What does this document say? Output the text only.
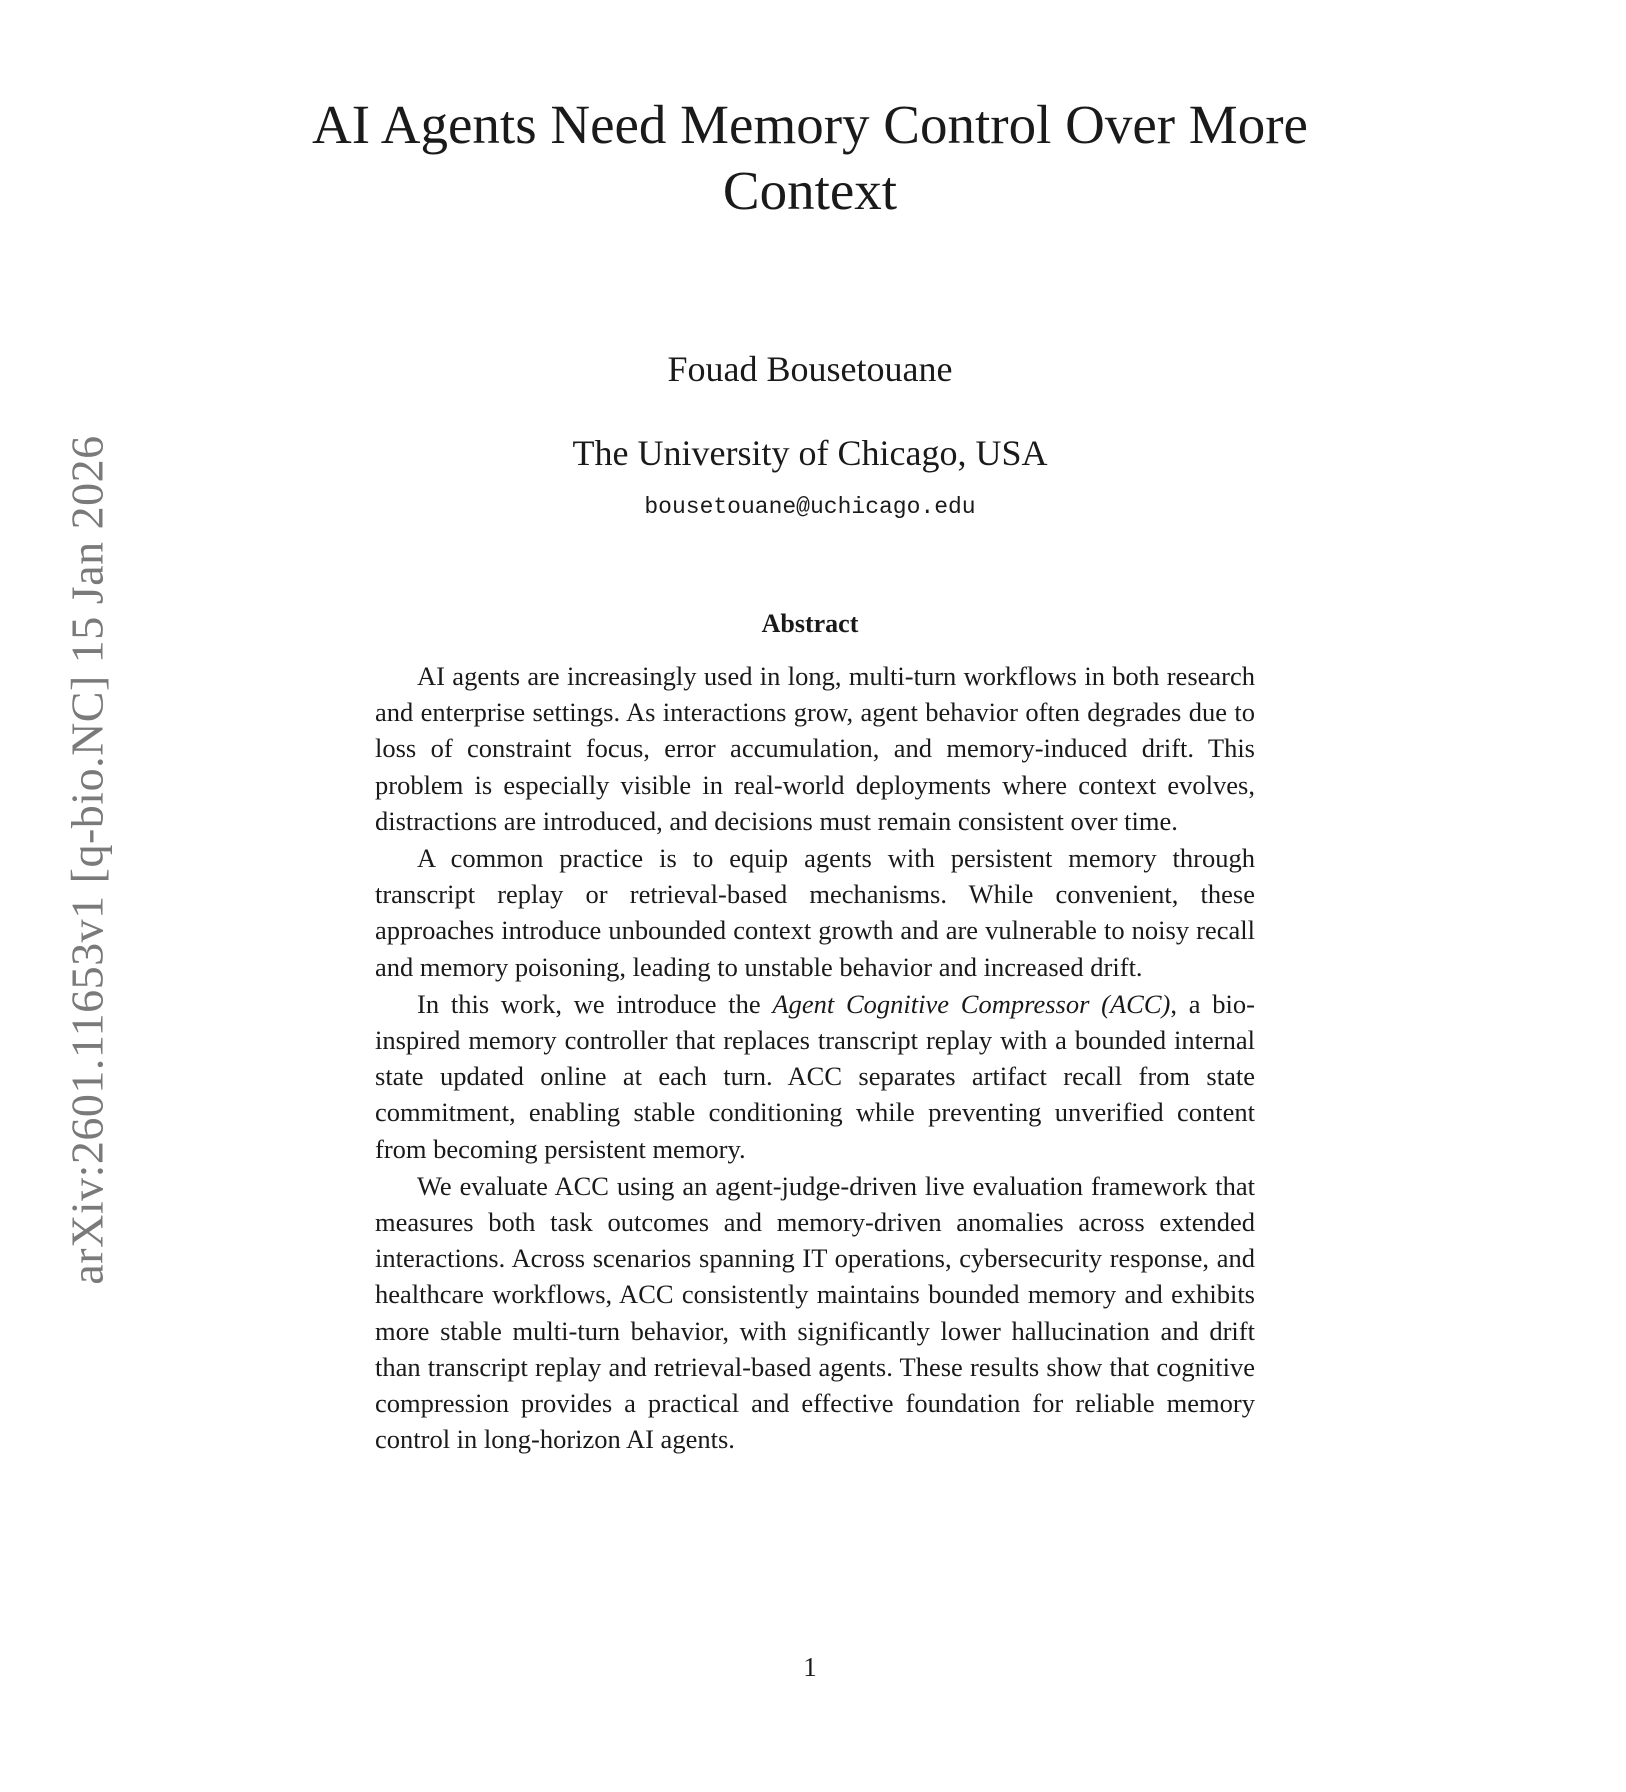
arXiv:2601.11653v1 [q-bio.NC] 15 Jan 2026
AI Agents Need Memory Control Over More Context
Fouad Bousetouane
The University of Chicago, USA
bousetouane@uchicago.edu
Abstract

AI agents are increasingly used in long, multi-turn workflows in both research and enterprise settings. As interactions grow, agent behavior often degrades due to loss of constraint focus, error accumulation, and memory-induced drift. This problem is especially visible in real-world deployments where context evolves, distractions are introduced, and decisions must remain consistent over time.

A common practice is to equip agents with persistent memory through transcript replay or retrieval-based mechanisms. While convenient, these approaches introduce unbounded context growth and are vulnerable to noisy recall and memory poisoning, leading to unstable behavior and increased drift.

In this work, we introduce the Agent Cognitive Compressor (ACC), a bio-inspired memory controller that replaces transcript replay with a bounded internal state updated online at each turn. ACC separates artifact recall from state commitment, enabling stable conditioning while preventing unverified content from becoming persistent memory.

We evaluate ACC using an agent-judge-driven live evaluation framework that measures both task outcomes and memory-driven anomalies across extended interactions. Across scenarios spanning IT operations, cybersecurity response, and healthcare workflows, ACC consistently maintains bounded memory and exhibits more stable multi-turn behavior, with significantly lower hallucination and drift than transcript replay and retrieval-based agents. These results show that cognitive compression provides a practical and effective foundation for reliable memory control in long-horizon AI agents.

1
